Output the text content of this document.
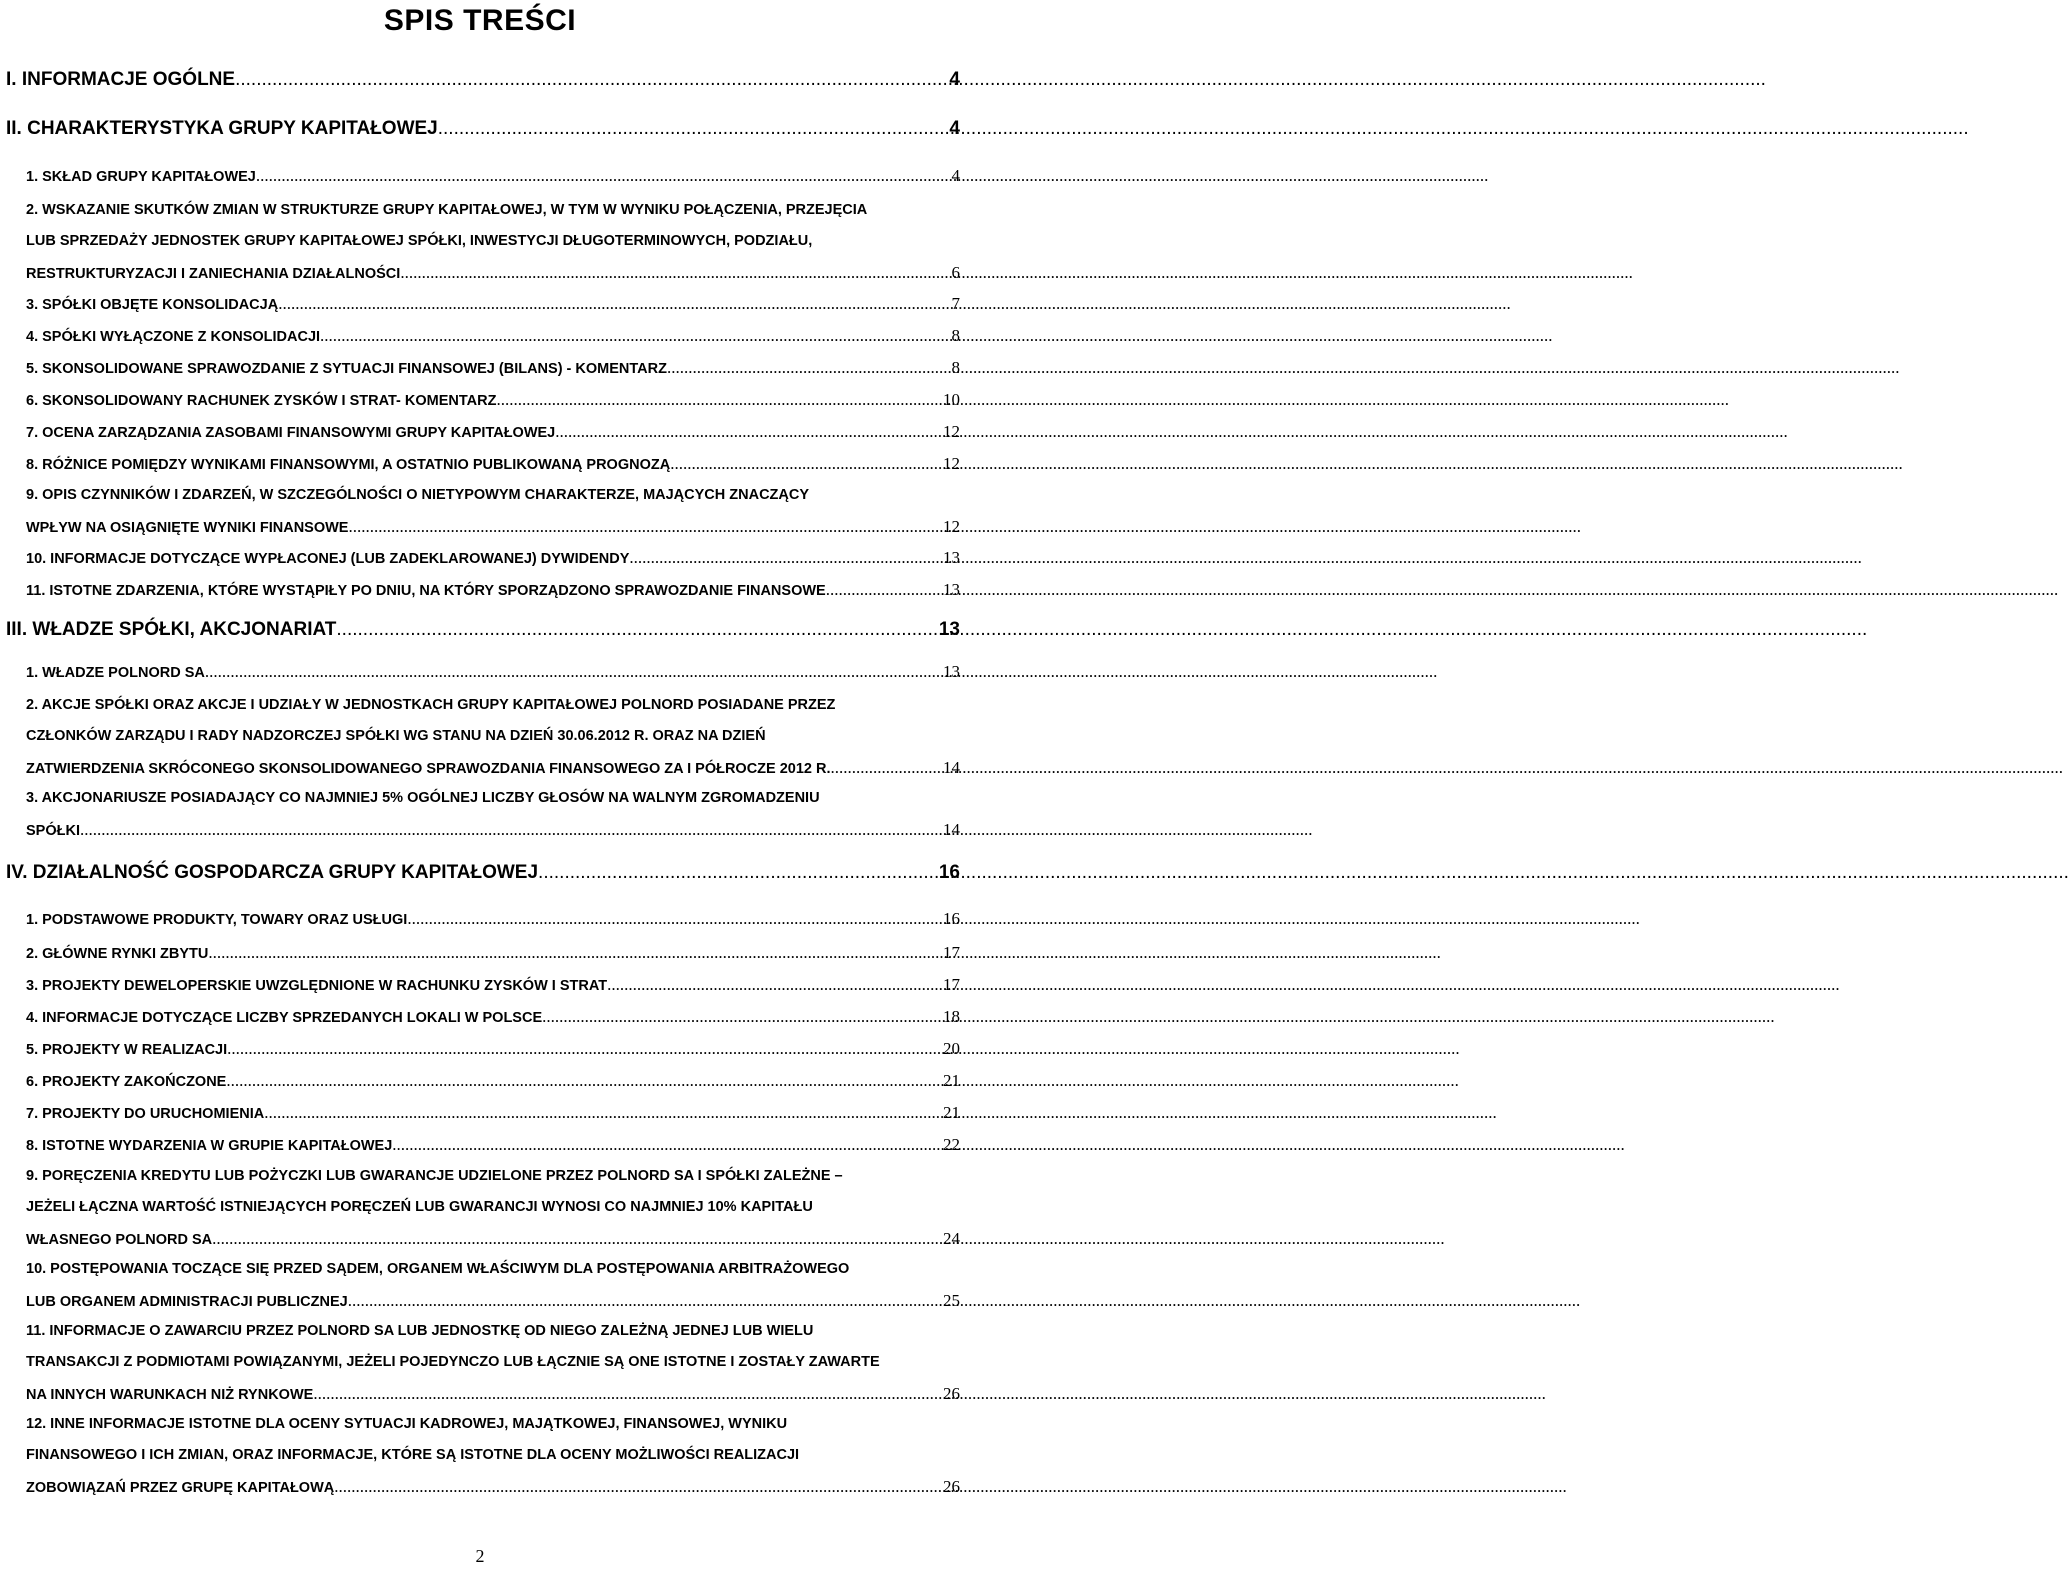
SPIS TREŚCI
I. INFORMACJE OGÓLNE .....	4
II. CHARAKTERYSTYKA GRUPY KAPITAŁOWEJ .....	4
1. SKŁAD GRUPY KAPITAŁOWEJ .....	4
2. WSKAZANIE SKUTKÓW ZMIAN W STRUKTURZE GRUPY KAPITAŁOWEJ, W TYM W WYNIKU POŁĄCZENIA, PRZEJĘCIA
LUB SPRZEDAŻY JEDNOSTEK GRUPY KAPITAŁOWEJ SPÓŁKI, INWESTYCJI DŁUGOTERMINOWYCH, PODZIAŁU,
RESTRUKTURYZACJI I ZANIECHANIA DZIAŁALNOŚCI .....	6
3. SPÓŁKI OBJĘTE KONSOLIDACJĄ .....	7
4. SPÓŁKI WYŁĄCZONE Z KONSOLIDACJI .....	8
5. SKONSOLIDOWANE SPRAWOZDANIE Z SYTUACJI FINANSOWEJ (BILANS) - KOMENTARZ .....	8
6. SKONSOLIDOWANY RACHUNEK ZYSKÓW I STRAT- KOMENTARZ .....	10
7. OCENA ZARZĄDZANIA ZASOBAMI FINANSOWYMI GRUPY KAPITAŁOWEJ .....	12
8. RÓŻNICE POMIĘDZY WYNIKAMI FINANSOWYMI, A OSTATNIO PUBLIKOWANĄ PROGNOZĄ .....	12
9. OPIS CZYNNIKÓW I ZDARZEŃ, W SZCZEGÓLNOŚCI O NIETYPOWYM CHARAKTERZE, MAJĄCYCH ZNACZĄCY
WPŁYW NA OSIĄGNIĘTE WYNIKI FINANSOWE .....	12
10. INFORMACJE DOTYCZĄCE WYPŁACONEJ (LUB ZADEKLAROWANEJ) DYWIDENDY .....	13
11. ISTOTNE ZDARZENIA, KTÓRE WYSTĄPIŁY PO DNIU, NA KTÓRY SPORZĄDZONO SPRAWOZDANIE FINANSOWE .....	13
III. WŁADZE SPÓŁKI, AKCJONARIAT .....	13
1. WŁADZE POLNORD SA .....	13
2. AKCJE SPÓŁKI ORAZ AKCJE I UDZIAŁY W JEDNOSTKACH GRUPY KAPITAŁOWEJ POLNORD POSIADANE PRZEZ
CZŁONKÓW ZARZĄDU I RADY NADZORCZEJ SPÓŁKI WG STANU NA DZIEŃ 30.06.2012 R. ORAZ NA DZIEŃ
ZATWIERDZENIA SKRÓCONEGO SKONSOLIDOWANEGO SPRAWOZDANIA FINANSOWEGO ZA I PÓŁROCZE 2012 R. .....	14
3. AKCJONARIUSZE POSIADAJĄCY CO NAJMNIEJ 5% OGÓLNEJ LICZBY GŁOSÓW NA WALNYM ZGROMADZENIU
SPÓŁKI .....	14
IV. DZIAŁALNOŚĆ GOSPODARCZA GRUPY KAPITAŁOWEJ .....	16
1. PODSTAWOWE PRODUKTY, TOWARY ORAZ USŁUGI .....	16
2. GŁÓWNE RYNKI ZBYTU .....	17
3. PROJEKTY DEWELOPERSKIE UWZGLĘDNIONE W RACHUNKU ZYSKÓW I STRAT .....	17
4. INFORMACJE DOTYCZĄCE LICZBY SPRZEDANYCH LOKALI W POLSCE .....	18
5. PROJEKTY W REALIZACJI .....	20
6. PROJEKTY ZAKOŃCZONE .....	21
7. PROJEKTY DO URUCHOMIENIA .....	21
8. ISTOTNE WYDARZENIA W GRUPIE KAPITAŁOWEJ .....	22
9. PORĘCZENIA KREDYTU LUB POŻYCZKI LUB GWARANCJE UDZIELONE PRZEZ POLNORD SA I SPÓŁKI ZALEŻNE –
JEŻELI ŁĄCZNA WARTOŚĆ ISTNIEJĄCYCH PORĘCZEŃ LUB GWARANCJI WYNOSI CO NAJMNIEJ 10% KAPITAŁU
WŁASNEGO POLNORD SA .....	24
10. POSTĘPOWANIA TOCZĄCE SIĘ PRZED SĄDEM, ORGANEM WŁAŚCIWYM DLA POSTĘPOWANIA ARBITRAŻOWEGO
LUB ORGANEM ADMINISTRACJI PUBLICZNEJ .....	25
11. INFORMACJE O ZAWARCIU PRZEZ POLNORD SA LUB JEDNOSTKĘ OD NIEGO ZALEŻNĄ JEDNEJ LUB WIELU
TRANSAKCJI Z PODMIOTAMI POWIĄZANYMI, JEŻELI POJEDYNCZO LUB ŁĄCZNIE SĄ ONE ISTOTNE I ZOSTAŁY ZAWARTE
NA INNYCH WARUNKACH NIŻ RYNKOWE .....	26
12. INNE INFORMACJE ISTOTNE DLA OCENY SYTUACJI KADROWEJ, MAJĄTKOWEJ, FINANSOWEJ, WYNIKU
FINANSOWEGO I ICH ZMIAN, ORAZ INFORMACJE, KTÓRE SĄ ISTOTNE DLA OCENY MOŻLIWOŚCI REALIZACJI
ZOBOWIĄZAŃ PRZEZ GRUPĘ KAPITAŁOWĄ .....	26
2
